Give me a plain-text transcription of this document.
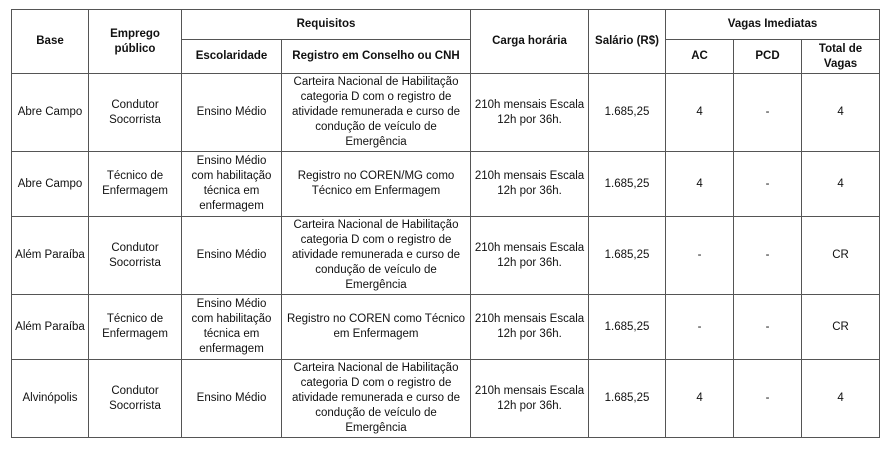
Base	Emprego público	Requisitos		Carga horária	Salário (R$)	Vagas Imediatas		
		Escolaridade	Registro em Conselho ou CNH			AC	PCD	Total de Vagas
Abre Campo	Condutor Socorrista	Ensino Médio	Carteira Nacional de Habilitação categoria D com o registro de atividade remunerada e curso de condução de veículo de Emergência	210h mensais Escala 12h por 36h.	1.685,25	4	-	4
Abre Campo	Técnico de Enfermagem	Ensino Médio com habilitação técnica em enfermagem	Registro no COREN/MG como Técnico em Enfermagem	210h mensais Escala 12h por 36h.	1.685,25	4	-	4
Além Paraíba	Condutor Socorrista	Ensino Médio	Carteira Nacional de Habilitação categoria D com o registro de atividade remunerada e curso de condução de veículo de Emergência	210h mensais Escala 12h por 36h.	1.685,25	-	-	CR
Além Paraíba	Técnico de Enfermagem	Ensino Médio com habilitação técnica em enfermagem	Registro no COREN como Técnico em Enfermagem	210h mensais Escala 12h por 36h.	1.685,25	-	-	CR
Alvinópolis	Condutor Socorrista	Ensino Médio	Carteira Nacional de Habilitação categoria D com o registro de atividade remunerada e curso de condução de veículo de Emergência	210h mensais Escala 12h por 36h.	1.685,25	4	-	4
